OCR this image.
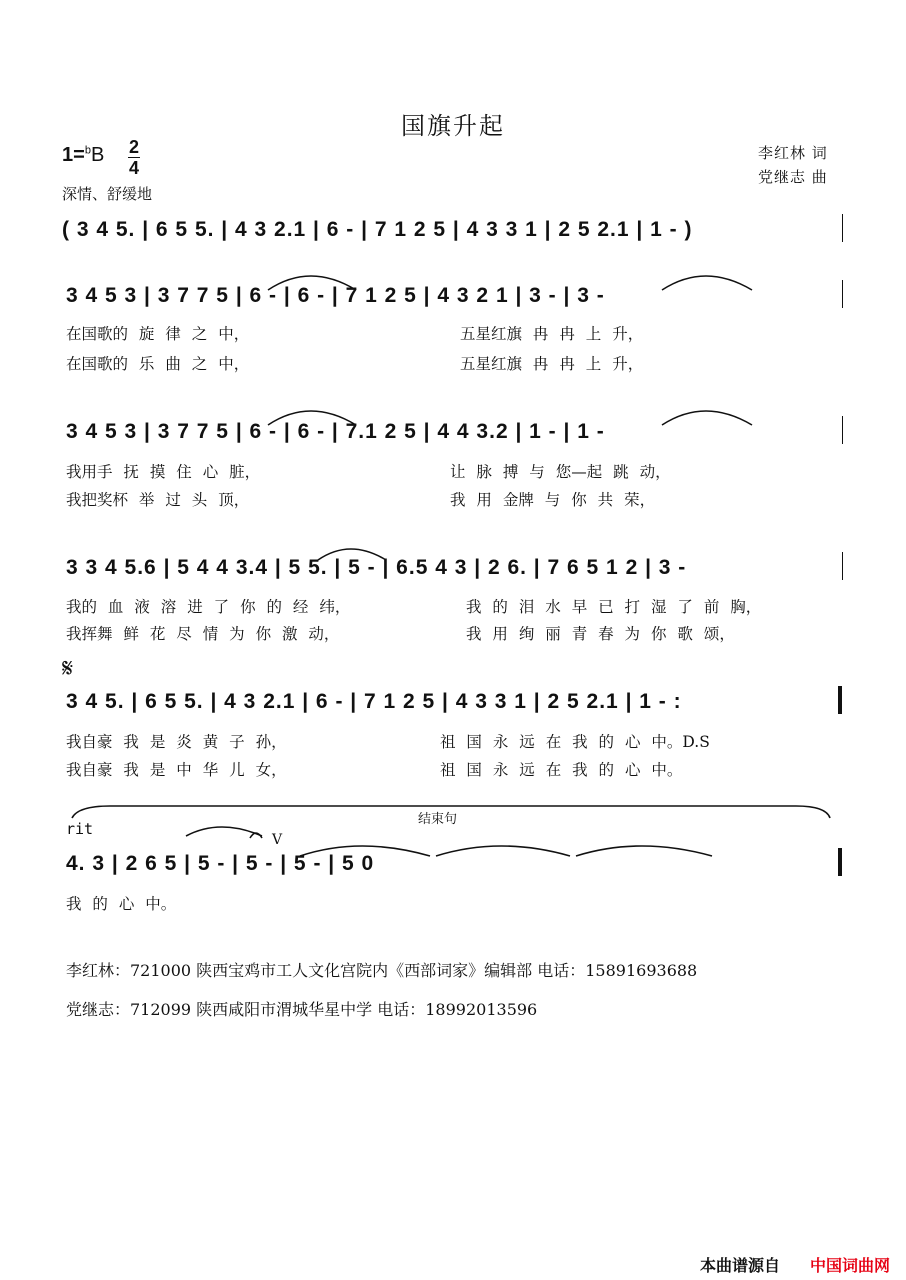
国旗升起
1=$^b$B 2
4
深情、舒缓地
李红林 词
党继志 曲
( 3 4 5. | 6 5 5. | 4 3 2.1 | 6 - | 7 1 2 5 | 4 3 3 1 | 2 5 2.1 | 1 - )
3 4 5 3 | 3 7 7 5 | 6 - | 6 - | 7 1 2 5 | 4 3 2 1 | 3 - | 3 -
在国歌的 旋 律 之 中，	五星红旗 冉 冉 上 升，
在国歌的 乐 曲 之 中，	五星红旗 冉 冉 上 升，
3 4 5 3 | 3 7 7 5 | 6 - | 6 - | 7.1 2 5 | 4 4 3.2 | 1 - | 1 -
我用手 抚 摸 住 心 脏，	让 脉 搏 与 您—起 跳 动，
我把奖杯 举 过 头 顶，	我 用 金牌 与 你 共 荣，
3 3 4 5.6 | 5 4 4 3.4 | 5 5. | 5 - | 6.5 4 3 | 2 6. | 7 6 5 1 2 | 3 -
我的 血 液 溶 进 了 你 的 经 纬，	我 的 泪 水 早 已 打 湿 了 前 胸，
我挥舞 鲜 花 尽 情 为 你 激 动，	我 用 绚 丽 青 春 为 你 歌 颂，
𝄋
3 4 5. | 6 5 5. | 4 3 2.1 | 6 - | 7 1 2 5 | 4 3 3 1 | 2 5 2.1 | 1 - :
我自豪 我 是 炎 黄 子 孙，	祖 国 永 远 在 我 的 心 中。D.S
我自豪 我 是 中 华 儿 女，	祖 国 永 远 在 我 的 心 中。
rit
结束句
V
4. 3 | 2 6 5 | 5 - | 5 - | 5 - | 5 0
我 的 心 中。
李红林：721000 陕西宝鸡市工人文化宫院内《西部词家》编辑部 电话：15891693688
党继志：712099 陕西咸阳市渭城华星中学 电话：18992013596
本曲谱源自 中国词曲网
